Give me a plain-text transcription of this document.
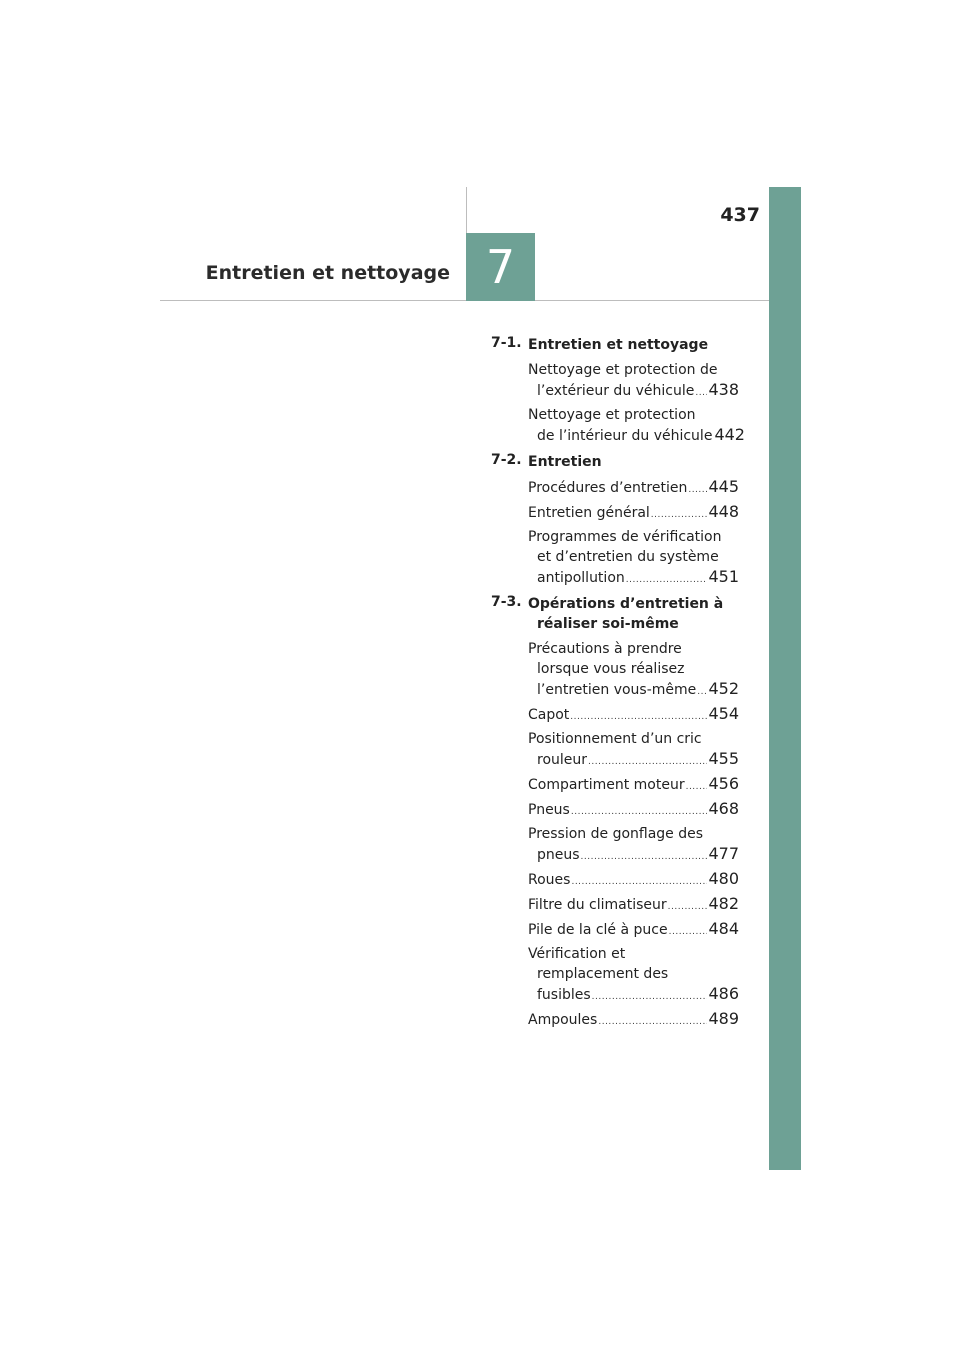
7
Entretien et nettoyage
437
7-1. Entretien et nettoyage
Nettoyage et protection de
l’extérieur du véhicule ..... 438
Nettoyage et protection
de l’intérieur du véhicule 442
7-2. Entretien
Procédures d’entretien ..... 445
Entretien général .....	448
Programmes de vérification
et d’entretien du système
antipollution .....	451
7-3. Opérations d’entretien à
réaliser soi-même
Précautions à prendre
lorsque vous réalisez
l’entretien vous-même ..... 452
Capot .....	454
Positionnement d’un cric
rouleur .....	455
Compartiment moteur ..... 456
Pneus .....	468
Pression de gonflage des
pneus .....	477
Roues .....	480
Filtre du climatiseur .....	482
Pile de la clé à puce .....	484
Vérification et
remplacement des
fusibles .....	486
Ampoules .....	489
